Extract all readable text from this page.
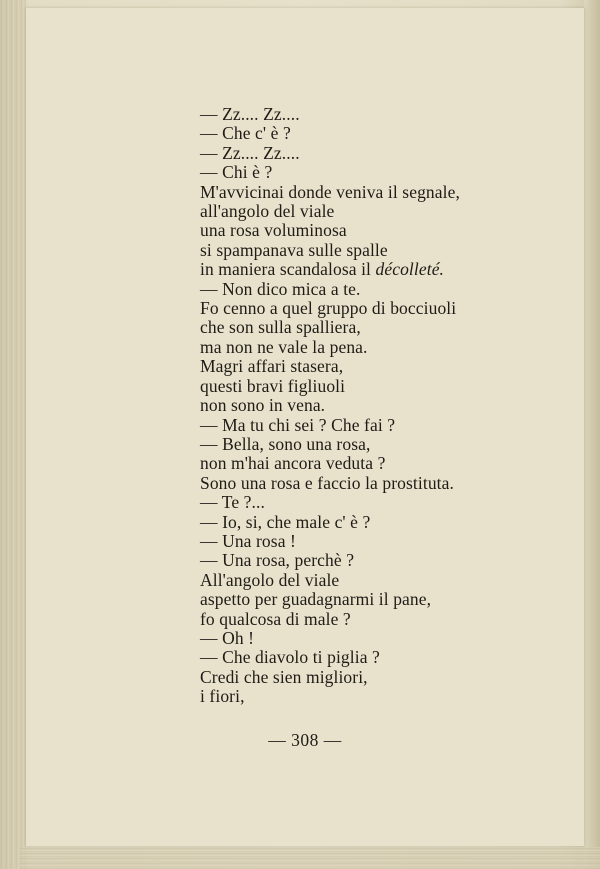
— Zz.... Zz....
— Che c' è ?
— Zz.... Zz....
— Chi è ?
M'avvicinai donde veniva il segnale,
all'angolo del viale
una rosa voluminosa
si spampanava sulle spalle
in maniera scandalosa il décolleté.
— Non dico mica a te.
Fo cenno a quel gruppo di bocciuoli
che son sulla spalliera,
ma non ne vale la pena.
Magri affari stasera,
questi bravi figliuoli
non sono in vena.
— Ma tu chi sei ? Che fai ?
— Bella, sono una rosa,
non m'hai ancora veduta ?
Sono una rosa e faccio la prostituta.
— Te ?...
— Io, si, che male c' è ?
— Una rosa !
— Una rosa, perchè ?
All'angolo del viale
aspetto per guadagnarmi il pane,
fo qualcosa di male ?
— Oh !
— Che diavolo ti piglia ?
Credi che sien migliori,
i fiori,
— 308 —
